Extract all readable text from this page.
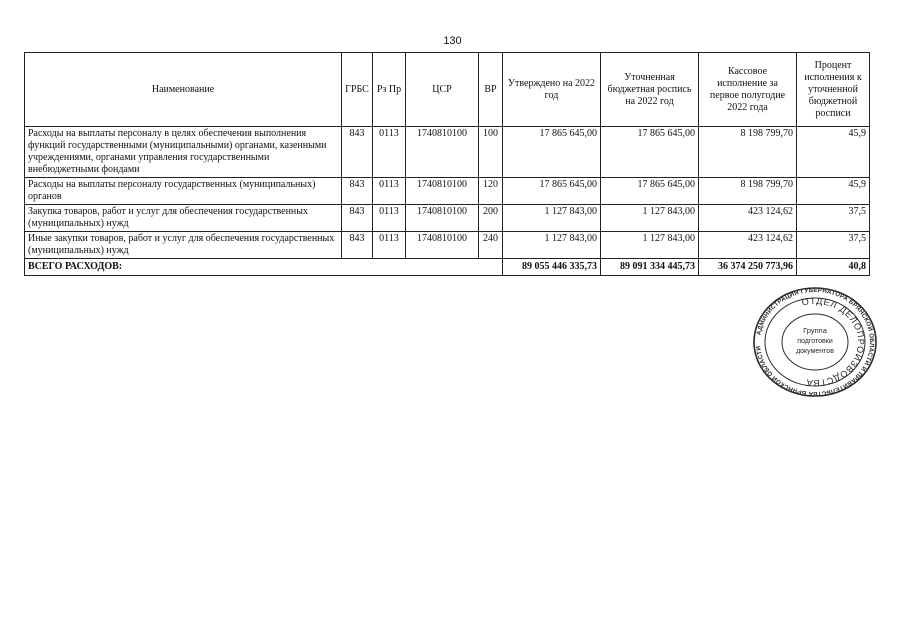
130
Наименование	ГРБС	Рз Пр	ЦСР	ВР	Утверждено на 2022 год	Уточненная бюджетная роспись на 2022 год	Кассовое исполнение за первое полугодие 2022 года	Процент исполнения к уточненной бюджетной росписи
Расходы на выплаты персоналу в целях обеспечения выполнения функций государственными (муниципальными) органами, казенными учреждениями, органами управления государственными внебюджетными фондами	843	0113	1740810100	100	17 865 645,00	17 865 645,00	8 198 799,70	45,9
Расходы на выплаты персоналу государственных (муниципальных) органов	843	0113	1740810100	120	17 865 645,00	17 865 645,00	8 198 799,70	45,9
Закупка товаров, работ и услуг для обеспечения государственных (муниципальных) нужд	843	0113	1740810100	200	1 127 843,00	1 127 843,00	423 124,62	37,5
Иные закупки товаров, работ и услуг для обеспечения государственных (муниципальных) нужд	843	0113	1740810100	240	1 127 843,00	1 127 843,00	423 124,62	37,5
ВСЕГО РАСХОДОВ:					89 055 446 335,73	89 091 334 445,73	36 374 250 773,96	40,8
АДМИНИСТРАЦИЯ ГУБЕРНАТОРА БРЯНСКОЙ ОБЛАСТИ И ПРАВИТЕЛЬСТВА БРЯНСКОЙ ОБЛАСТИ
ОТДЕЛ ДЕЛОПРОИЗВОДСТВА
Группа
подготовки
документов
